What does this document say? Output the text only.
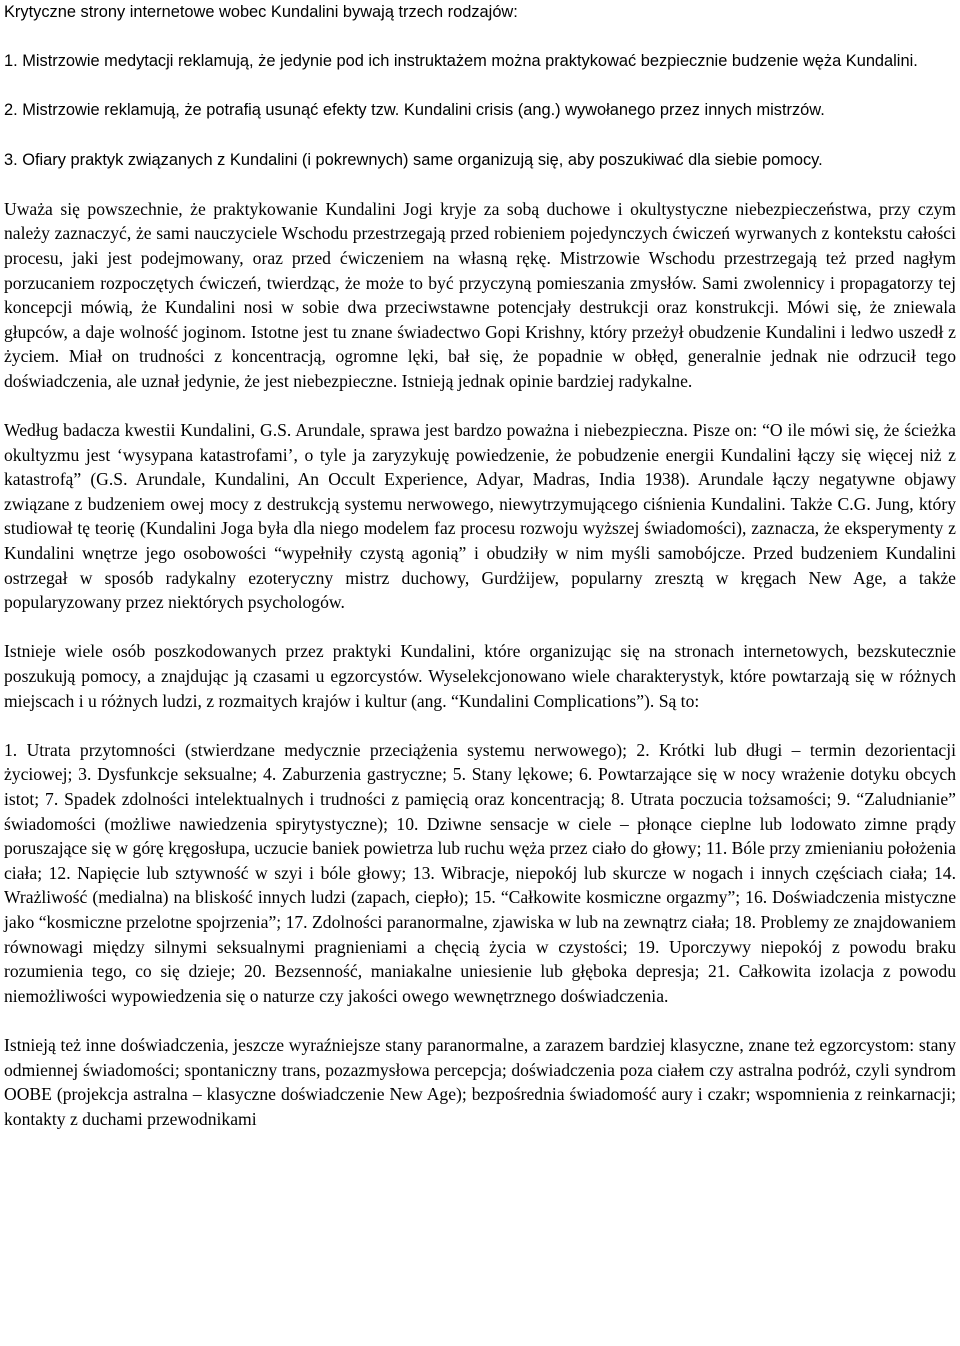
Krytyczne strony internetowe wobec Kundalini bywają trzech rodzajów:

1. Mistrzowie medytacji reklamują, że jedynie pod ich instruktażem można praktykować bezpiecznie budzenie węża Kundalini.

2. Mistrzowie reklamują, że potrafią usunąć efekty tzw. Kundalini crisis (ang.) wywołanego przez innych mistrzów.

3. Ofiary praktyk związanych z Kundalini (i pokrewnych) same organizują się, aby poszukiwać dla siebie pomocy.

Uważa się powszechnie, że praktykowanie Kundalini Jogi kryje za sobą duchowe i okultystyczne niebezpieczeństwa, przy czym należy zaznaczyć, że sami nauczyciele Wschodu przestrzegają przed robieniem pojedynczych ćwiczeń wyrwanych z kontekstu całości procesu, jaki jest podejmowany, oraz przed ćwiczeniem na własną rękę. Mistrzowie Wschodu przestrzegają też przed nagłym porzucaniem rozpoczętych ćwiczeń, twierdząc, że może to być przyczyną pomieszania zmysłów. Sami zwolennicy i propagatorzy tej koncepcji mówią, że Kundalini nosi w sobie dwa przeciwstawne potencjały destrukcji oraz konstrukcji. Mówi się, że zniewala głupców, a daje wolność joginom. Istotne jest tu znane świadectwo Gopi Krishny, który przeżył obudzenie Kundalini i ledwo uszedł z życiem. Miał on trudności z koncentracją, ogromne lęki, bał się, że popadnie w obłęd, generalnie jednak nie odrzucił tego doświadczenia, ale uznał jedynie, że jest niebezpieczne. Istnieją jednak opinie bardziej radykalne.

Według badacza kwestii Kundalini, G.S. Arundale, sprawa jest bardzo poważna i niebezpieczna. Pisze on: “O ile mówi się, że ścieżka okultyzmu jest ‘wysypana katastrofami’, o tyle ja zaryzykuję powiedzenie, że pobudzenie energii Kundalini łączy się więcej niż z katastrofą” (G.S. Arundale, Kundalini, An Occult Experience, Adyar, Madras, India 1938). Arundale łączy negatywne objawy związane z budzeniem owej mocy z destrukcją systemu nerwowego, niewytrzymującego ciśnienia Kundalini. Także C.G. Jung, który studiował tę teorię (Kundalini Joga była dla niego modelem faz procesu rozwoju wyższej świadomości), zaznacza, że eksperymenty z Kundalini wnętrze jego osobowości “wypełniły czystą agonią” i obudziły w nim myśli samobójcze. Przed budzeniem Kundalini ostrzegał w sposób radykalny ezoteryczny mistrz duchowy, Gurdżijew, popularny zresztą w kręgach New Age, a także popularyzowany przez niektórych psychologów.

Istnieje wiele osób poszkodowanych przez praktyki Kundalini, które organizując się na stronach internetowych, bezskutecznie poszukują pomocy, a znajdując ją czasami u egzorcystów. Wyselekcjonowano wiele charakterystyk, które powtarzają się w różnych miejscach i u różnych ludzi, z rozmaitych krajów i kultur (ang. “Kundalini Complications”). Są to:

1. Utrata przytomności (stwierdzane medycznie przeciążenia systemu nerwowego); 2. Krótki lub długi – termin dezorientacji życiowej; 3. Dysfunkcje seksualne; 4. Zaburzenia gastryczne; 5. Stany lękowe; 6. Powtarzające się w nocy wrażenie dotyku obcych istot; 7. Spadek zdolności intelektualnych i trudności z pamięcią oraz koncentracją; 8. Utrata poczucia tożsamości; 9. “Zaludnianie” świadomości (możliwe nawiedzenia spirytystyczne); 10. Dziwne sensacje w ciele – płonące cieplne lub lodowato zimne prądy poruszające się w górę kręgosłupa, uczucie baniek powietrza lub ruchu węża przez ciało do głowy; 11. Bóle przy zmienianiu położenia ciała; 12. Napięcie lub sztywność w szyi i bóle głowy; 13. Wibracje, niepokój lub skurcze w nogach i innych częściach ciała; 14. Wrażliwość (medialna) na bliskość innych ludzi (zapach, ciepło); 15. “Całkowite kosmiczne orgazmy”; 16. Doświadczenia mistyczne jako “kosmiczne przelotne spojrzenia”; 17. Zdolności paranormalne, zjawiska w lub na zewnątrz ciała; 18. Problemy ze znajdowaniem równowagi między silnymi seksualnymi pragnieniami a chęcią życia w czystości; 19. Uporczywy niepokój z powodu braku rozumienia tego, co się dzieje; 20. Bezsenność, maniakalne uniesienie lub głęboka depresja; 21. Całkowita izolacja z powodu niemożliwości wypowiedzenia się o naturze czy jakości owego wewnętrznego doświadczenia.

Istnieją też inne doświadczenia, jeszcze wyraźniejsze stany paranormalne, a zarazem bardziej klasyczne, znane też egzorcystom: stany odmiennej świadomości; spontaniczny trans, pozazmysłowa percepcja; doświadczenia poza ciałem czy astralna podróż, czyli syndrom OOBE (projekcja astralna – klasyczne doświadczenie New Age); bezpośrednia świadomość aury i czakr; wspomnienia z reinkarnacji; kontakty z duchami przewodnikami
